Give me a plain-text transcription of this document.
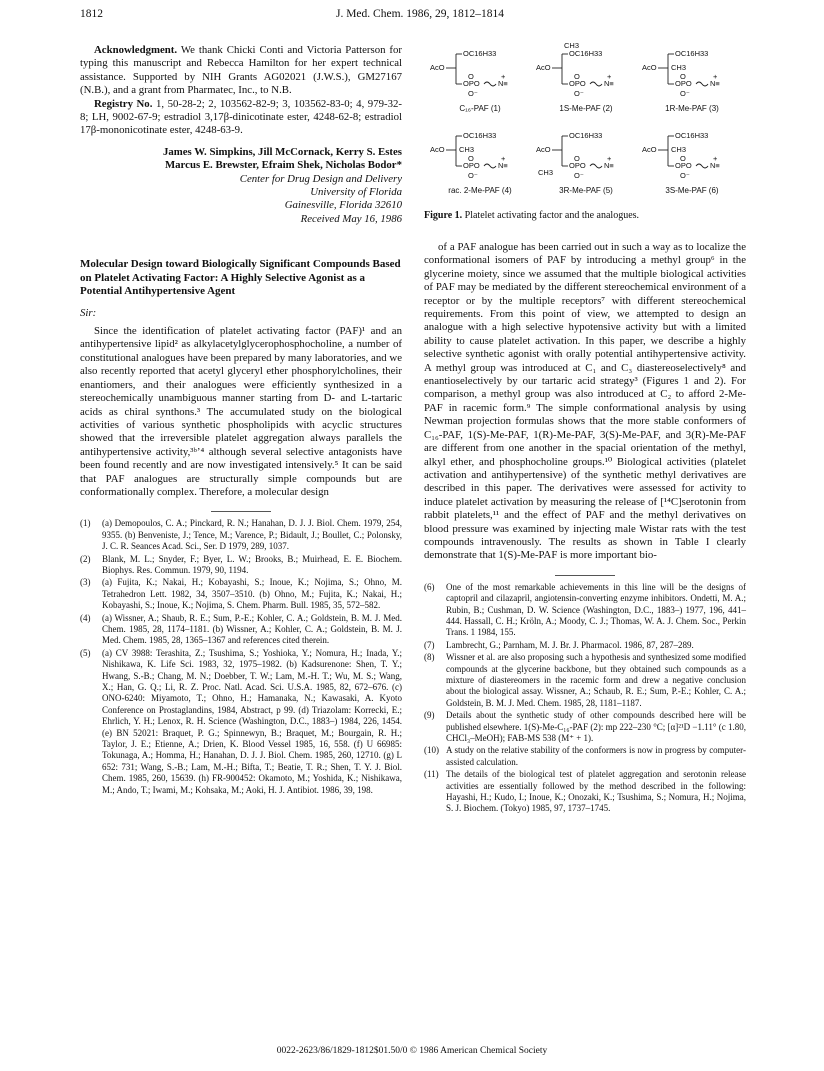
1812	J. Med. Chem. 1986, 29, 1812–1814

Acknowledgment. We thank Chicki Conti and Victoria Patterson for typing this manuscript and Rebecca Hamilton for her expert technical assistance. Supported by NIH Grants AG02021 (J.W.S.), GM27167 (N.B.), and a grant from Pharmatec, Inc., to N.B.

Registry No. 1, 50-28-2; 2, 103562-82-9; 3, 103562-83-0; 4, 979-32-8; LH, 9002-67-9; estradiol 3,17β-dinicotinate ester, 4248-62-8; estradiol 17β-mononicotinate ester, 4248-63-9.

James W. Simpkins, Jill McCornack, Kerry S. Estes
Marcus E. Brewster, Efraim Shek, Nicholas Bodor*
Center for Drug Design and Delivery
University of Florida
Gainesville, Florida 32610
Received May 16, 1986
Molecular Design toward Biologically Significant Compounds Based on Platelet Activating Factor: A Highly Selective Agonist as a Potential Antihypertensive Agent
Sir:

Since the identification of platelet activating factor (PAF)¹ and an antihypertensive lipid² as alkylacetylglycerophosphocholine, a number of constitutional analogues have been prepared by many laboratories, and we also recently reported that acetyl glyceryl ether phosphorylcholines, their enantiomers, and their analogues were efficiently synthesized in a stereochemically unambiguous manner starting from D- and L-tartaric acids as chiral synthons.³ The accumulated study on the biological activities of various synthetic phospholipids with acyclic structures showed that the irreversible platelet aggregation always parallels the antihypertensive activity,³ᵇʼ⁴ although several selective antagonists have been found recently and are now investigated intensively.⁵ It can be said that PAF analogues are structurally simple compounds but are conformationally complex. Therefore, a molecular design

(1)	(a) Demopoulos, C. A.; Pinckard, R. N.; Hanahan, D. J. J. Biol. Chem. 1979, 254, 9355. (b) Benveniste, J.; Tence, M.; Varence, P.; Bidault, J.; Boullet, C.; Polonsky, J. C. R. Seances Acad. Sci., Ser. D 1979, 289, 1037.
(2)	Blank, M. L.; Snyder, F.; Byer, L. W.; Brooks, B.; Muirhead, E. E. Biochem. Biophys. Res. Commun. 1979, 90, 1194.
(3)	(a) Fujita, K.; Nakai, H.; Kobayashi, S.; Inoue, K.; Nojima, S.; Ohno, M. Tetrahedron Lett. 1982, 34, 3507–3510. (b) Ohno, M.; Fujita, K.; Nakai, H.; Kobayashi, S.; Inoue, K.; Nojima, S. Chem. Pharm. Bull. 1985, 35, 572–582.
(4)	(a) Wissner, A.; Shaub, R. E.; Sum, P.-E.; Kohler, C. A.; Goldstein, B. M. J. Med. Chem. 1985, 28, 1174–1181. (b) Wissner, A.; Kohler, C. A.; Goldstein, B. M. J. Med. Chem. 1985, 28, 1365–1367 and references cited therein.
(5)	(a) CV 3988: Terashita, Z.; Tsushima, S.; Yoshioka, Y.; Nomura, H.; Inada, Y.; Nishikawa, K. Life Sci. 1983, 32, 1975–1982. (b) Kadsurenone: Shen, T. Y.; Hwang, S.-B.; Chang, M. N.; Doebber, T. W.; Lam, M.-H. T.; Wu, M. S.; Wang, X.; Han, G. Q.; Li, R. Z. Proc. Natl. Acad. Sci. U.S.A. 1985, 82, 672–676. (c) ONO-6240: Miyamoto, T.; Ohno, H.; Hamanaka, N.; Kawasaki, A. Kyoto Conference on Prostaglandins, 1984, Abstract, p 99. (d) Triazolam: Korrecki, E.; Ehrlich, Y. H.; Lenox, R. H. Science (Washington, D.C., 1883–) 1984, 226, 1454. (e) BN 52021: Braquet, P. G.; Spinnewyn, B.; Braquet, M.; Bourgain, R. H.; Taylor, J. E.; Etienne, A.; Drien, K. Blood Vessel 1985, 16, 558. (f) U 66985: Tokunaga, A.; Homma, H.; Hanahan, D. J. J. Biol. Chem. 1985, 260, 12710. (g) L 652: 731; Wang, S.-B.; Lam, M.-H.; Bifta, T.; Beatie, T. R.; Shen, T. Y. J. Biol. Chem. 1985, 260, 15639. (h) FR-900452: Okamoto, M.; Yoshida, K.; Nishikawa, M.; Ando, T.; Iwami, M.; Kohsaka, M.; Aoki, H. J. Antibiot. 1986, 39, 198.
AcO
OC16H33
O
OPO
O⁻
N≡
+
C₁₆-PAF (1)
AcO
OC16H33
CH3
O
OPO
O⁻
N≡
+
1S-Me-PAF (2)
AcO
OC16H33
CH3
O
OPO
O⁻
N≡
+
1R-Me-PAF (3)
AcO
OC16H33
CH3
O
OPO
O⁻
N≡
+
rac. 2-Me-PAF (4)
AcO
OC16H33
CH3
O
OPO
O⁻
N≡
+
3R-Me-PAF (5)
AcO
OC16H33
CH3
O
OPO
O⁻
N≡
+
3S-Me-PAF (6)
Figure 1. Platelet activating factor and the analogues.

of a PAF analogue has been carried out in such a way as to localize the conformational isomers of PAF by introducing a methyl group⁶ in the glycerine moiety, since we assumed that the multiple biological activities of PAF may be mediated by the different stereochemical environment of a receptor or by the multiple receptors⁷ with different stereochemical requirements. From this point of view, we attempted to design an analogue with a high selective hypotensive activity but with a limited ability to cause platelet activation. In this paper, we describe a highly selective synthetic agonist with orally potential antihypertensive activity. A methyl group was introduced at C₁ and C₃ diastereoselectively⁸ and enantioselectively by our tartaric acid strategy³ (Figures 1 and 2). For comparison, a methyl group was also introduced at C₂ to afford 2-Me-PAF in racemic form.⁹ The simple conformational analysis by using Newman projection formulas shows that the more stable conformers of C₁₆-PAF, 1(S)-Me-PAF, 1(R)-Me-PAF, 3(S)-Me-PAF, and 3(R)-Me-PAF are different from one another in the spacial orientation of the methyl, alkyl ether, and phosphocholine groups.¹⁰ Biological activities (platelet activation and antihypertensive) of the synthetic methyl derivatives are described in this paper. The derivatives were assessed for activity to induce platelet activation by measuring the release of [¹⁴C]serotonin from rabbit platelets,¹¹ and the effect of PAF and the methyl derivatives on blood pressure was examined by injecting male Wistar rats with the test compounds intravenously. The results as shown in Table I clearly demonstrate that 1(S)-Me-PAF is more important bio-

(6)	One of the most remarkable achievements in this line will be the designs of captopril and cilazapril, angiotensin-converting enzyme inhibitors. Ondetti, M. A.; Rubin, B.; Cushman, D. W. Science (Washington, D.C., 1883–) 1977, 196, 441–444. Hassall, C. H.; Kröln, A.; Moody, C. J.; Thomas, W. A. J. Chem. Soc., Perkin Trans. 1 1984, 155.
(7)	Lambrecht, G.; Parnham, M. J. Br. J. Pharmacol. 1986, 87, 287–289.
(8)	Wissner et al. are also proposing such a hypothesis and synthesized some modified compounds at the glycerine backbone, but they obtained such compounds as a mixture of diastereomers in the racemic form and drew a negative conclusion about the biological assay. Wissner, A.; Schaub, R. E.; Sum, P.-E.; Kohler, C. A.; Goldstein, B. M. J. Med. Chem. 1985, 28, 1181–1187.
(9)	Details about the synthetic study of other compounds described here will be published elsewhere. 1(S)-Me-C₁₆-PAF (2): mp 222–230 °C; [α]²¹D −1.11° (c 1.80, CHCl₃–MeOH); FAB-MS 538 (M⁺ + 1).
(10) A study on the relative stability of the conformers is now in progress by computer-assisted calculation.
(11) The details of the biological test of platelet aggregation and serotonin release activities are essentially followed by the method described in the following: Hayashi, H.; Kudo, I.; Inoue, K.; Onozaki, K.; Tsushima, S.; Nomura, H.; Nojima, S. J. Biochem. (Tokyo) 1985, 97, 1737–1745.
0022-2623/86/1829-1812$01.50/0 © 1986 American Chemical Society
